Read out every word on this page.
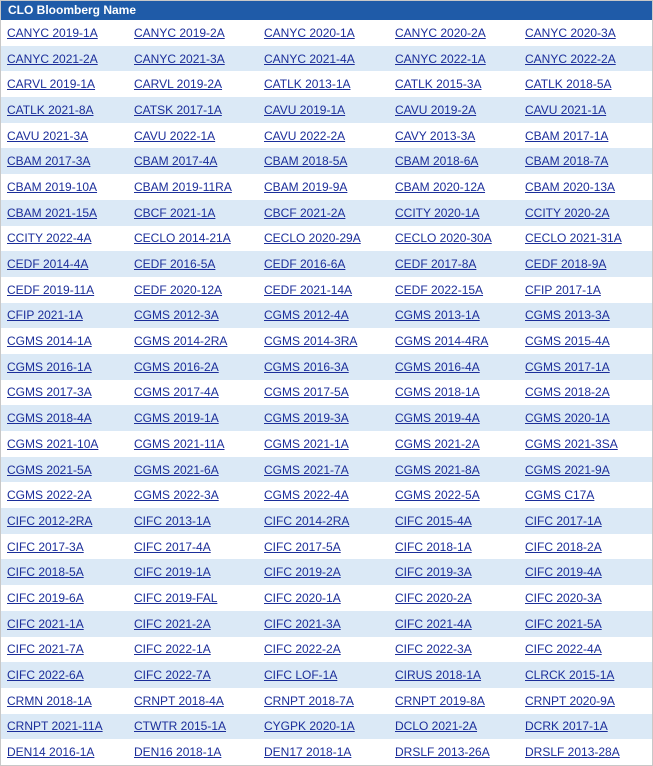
CLO Bloomberg Name
CANYC 2019-1A	CANYC 2019-2A	CANYC 2020-1A	CANYC 2020-2A	CANYC 2020-3A
CANYC 2021-2A	CANYC 2021-3A	CANYC 2021-4A	CANYC 2022-1A	CANYC 2022-2A
CARVL 2019-1A	CARVL 2019-2A	CATLK 2013-1A	CATLK 2015-3A	CATLK 2018-5A
CATLK 2021-8A	CATSK 2017-1A	CAVU 2019-1A	CAVU 2019-2A	CAVU 2021-1A
CAVU 2021-3A	CAVU 2022-1A	CAVU 2022-2A	CAVY 2013-3A	CBAM 2017-1A
CBAM 2017-3A	CBAM 2017-4A	CBAM 2018-5A	CBAM 2018-6A	CBAM 2018-7A
CBAM 2019-10A	CBAM 2019-11RA	CBAM 2019-9A	CBAM 2020-12A	CBAM 2020-13A
CBAM 2021-15A	CBCF 2021-1A	CBCF 2021-2A	CCITY 2020-1A	CCITY 2020-2A
CCITY 2022-4A	CECLO 2014-21A	CECLO 2020-29A	CECLO 2020-30A	CECLO 2021-31A
CEDF 2014-4A	CEDF 2016-5A	CEDF 2016-6A	CEDF 2017-8A	CEDF 2018-9A
CEDF 2019-11A	CEDF 2020-12A	CEDF 2021-14A	CEDF 2022-15A	CFIP 2017-1A
CFIP 2021-1A	CGMS 2012-3A	CGMS 2012-4A	CGMS 2013-1A	CGMS 2013-3A
CGMS 2014-1A	CGMS 2014-2RA	CGMS 2014-3RA	CGMS 2014-4RA	CGMS 2015-4A
CGMS 2016-1A	CGMS 2016-2A	CGMS 2016-3A	CGMS 2016-4A	CGMS 2017-1A
CGMS 2017-3A	CGMS 2017-4A	CGMS 2017-5A	CGMS 2018-1A	CGMS 2018-2A
CGMS 2018-4A	CGMS 2019-1A	CGMS 2019-3A	CGMS 2019-4A	CGMS 2020-1A
CGMS 2021-10A	CGMS 2021-11A	CGMS 2021-1A	CGMS 2021-2A	CGMS 2021-3SA
CGMS 2021-5A	CGMS 2021-6A	CGMS 2021-7A	CGMS 2021-8A	CGMS 2021-9A
CGMS 2022-2A	CGMS 2022-3A	CGMS 2022-4A	CGMS 2022-5A	CGMS C17A
CIFC 2012-2RA	CIFC 2013-1A	CIFC 2014-2RA	CIFC 2015-4A	CIFC 2017-1A
CIFC 2017-3A	CIFC 2017-4A	CIFC 2017-5A	CIFC 2018-1A	CIFC 2018-2A
CIFC 2018-5A	CIFC 2019-1A	CIFC 2019-2A	CIFC 2019-3A	CIFC 2019-4A
CIFC 2019-6A	CIFC 2019-FAL	CIFC 2020-1A	CIFC 2020-2A	CIFC 2020-3A
CIFC 2021-1A	CIFC 2021-2A	CIFC 2021-3A	CIFC 2021-4A	CIFC 2021-5A
CIFC 2021-7A	CIFC 2022-1A	CIFC 2022-2A	CIFC 2022-3A	CIFC 2022-4A
CIFC 2022-6A	CIFC 2022-7A	CIFC LOF-1A	CIRUS 2018-1A	CLRCK 2015-1A
CRMN 2018-1A	CRNPT 2018-4A	CRNPT 2018-7A	CRNPT 2019-8A	CRNPT 2020-9A
CRNPT 2021-11A	CTWTR 2015-1A	CYGPK 2020-1A	DCLO 2021-2A	DCRK 2017-1A
DEN14 2016-1A	DEN16 2018-1A	DEN17 2018-1A	DRSLF 2013-26A	DRSLF 2013-28A
